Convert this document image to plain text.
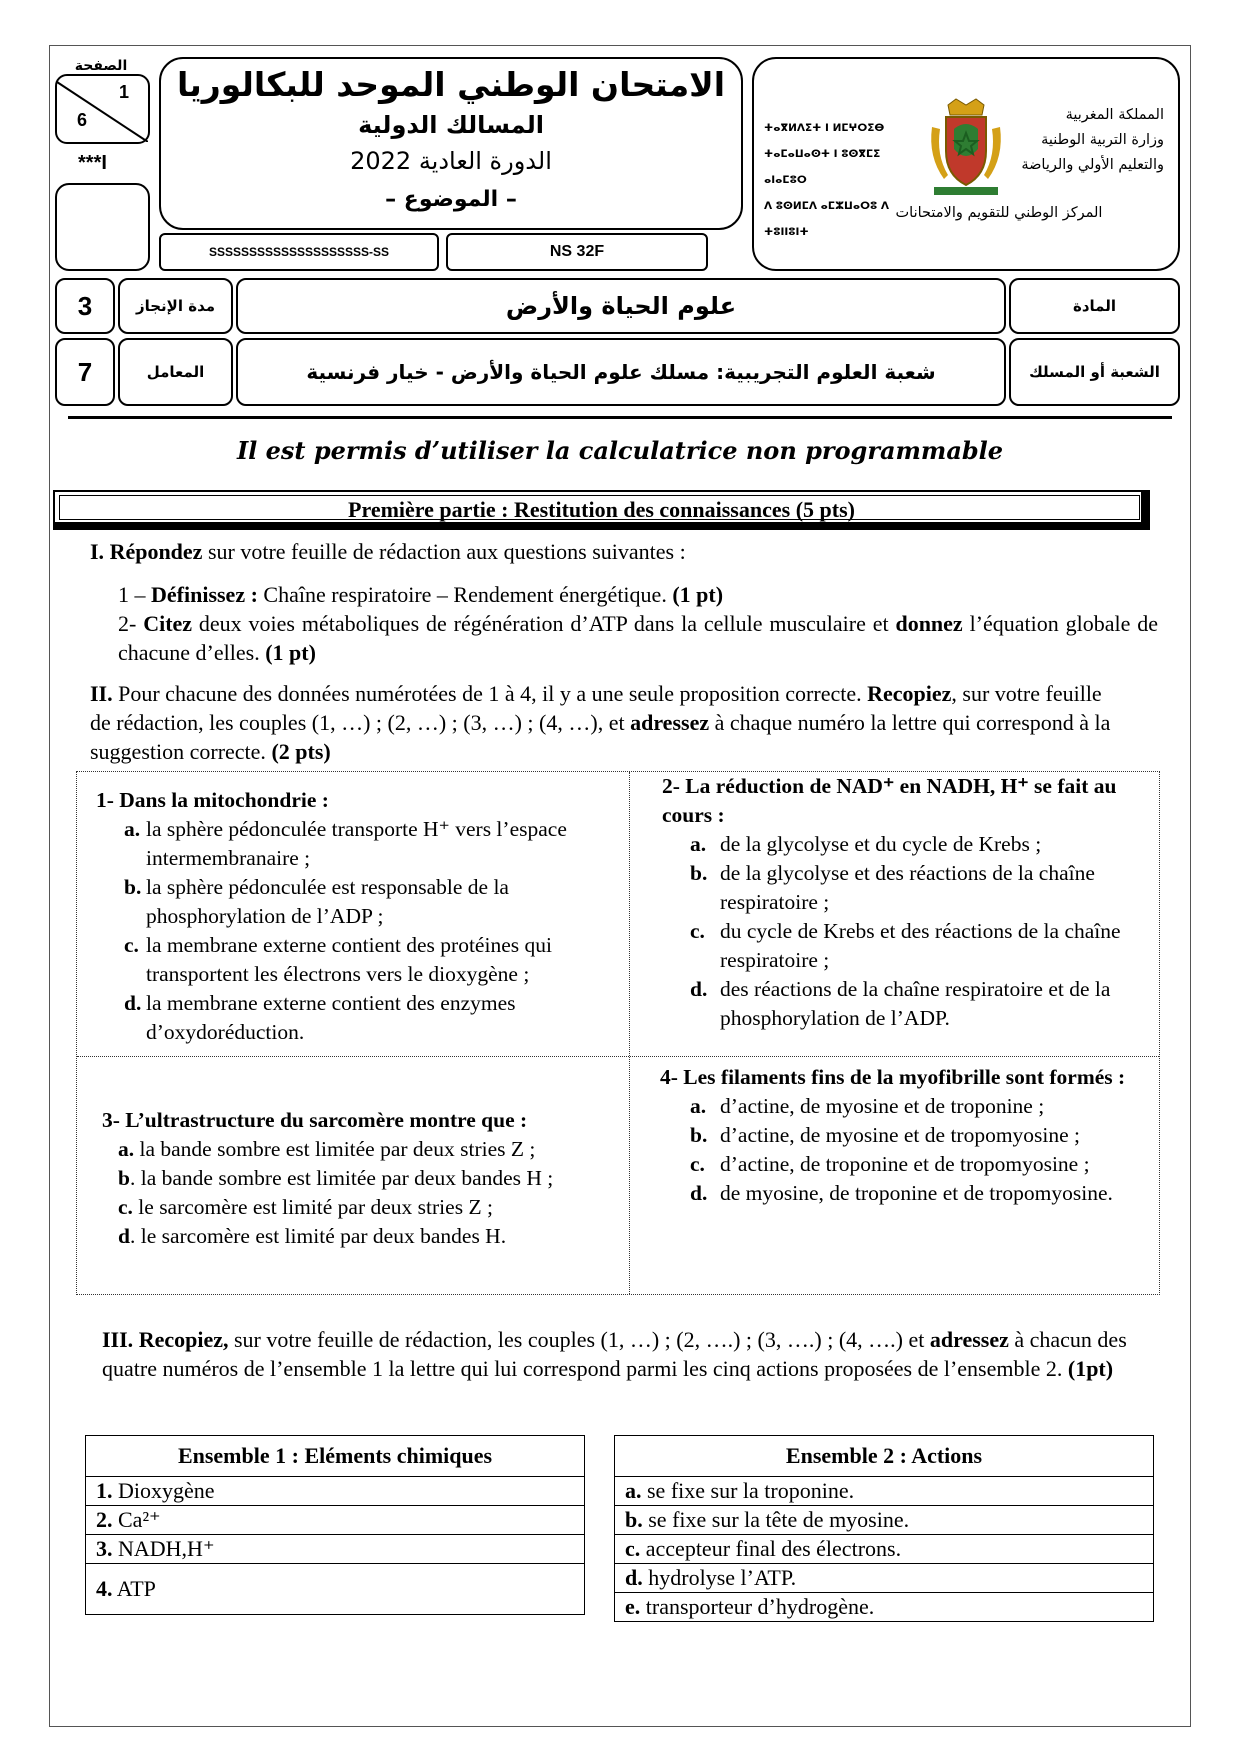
الصفحة
1
6
***I
الامتحان الوطني الموحد للبكالوريا
المسالك الدولية
الدورة العادية 2022
– الموضوع –
SSSSSSSSSSSSSSSSSSSS-SS	NS 32F
ⵜⴰⴳⵍⴷⵉⵜ ⵏ ⵍⵎⵖⵔⵉⴱ
ⵜⴰⵎⴰⵡⴰⵙⵜ ⵏ ⵓⵙⴳⵎⵉ ⴰⵏⴰⵎⵓⵔ
ⴷ ⵓⵙⵍⵎⴷ ⴰⵎⵣⵡⴰⵔⵓ ⴷ ⵜⵓⵏⵏⵓⵏⵜ
المملكة المغربية
وزارة التربية الوطنية
والتعليم الأولي والرياضة
المركز الوطني للتقويم والامتحانات
3	مدة الإنجاز	علوم الحياة والأرض	المادة
7	المعامل	شعبة العلوم التجريبية: مسلك علوم الحياة والأرض - خيار فرنسية	الشعبة أو المسلك
Il est permis d’utiliser la calculatrice non programmable
Première partie : Restitution des connaissances (5 pts)
I. Répondez sur votre feuille de rédaction aux questions suivantes :
1 – Définissez : Chaîne respiratoire – Rendement énergétique. (1 pt)
2- Citez deux voies métaboliques de régénération d’ATP dans la cellule musculaire et donnez l’équation globale de chacune d’elles. (1 pt)
II. Pour chacune des données numérotées de 1 à 4, il y a une seule proposition correcte. Recopiez, sur votre feuille de rédaction, les couples (1, …) ; (2, …) ; (3, …) ; (4, …), et adressez à chaque numéro la lettre qui correspond à la suggestion correcte. (2 pts)
1- Dans la mitochondrie :
a. la sphère pédonculée transporte H⁺ vers l’espace intermembranaire ;
b. la sphère pédonculée est responsable de la phosphorylation de l’ADP ;
c. la membrane externe contient des protéines qui transportent les électrons vers le dioxygène ;
d. la membrane externe contient des enzymes d’oxydoréduction.
2- La réduction de NAD⁺ en NADH, H⁺ se fait au cours :
a. de la glycolyse et du cycle de Krebs ;
b. de la glycolyse et des réactions de la chaîne respiratoire ;
c. du cycle de Krebs et des réactions de la chaîne respiratoire ;
d. des réactions de la chaîne respiratoire et de la phosphorylation de l’ADP.
3- L’ultrastructure du sarcomère montre que :
a. la bande sombre est limitée par deux stries Z ;
b . la bande sombre est limitée par deux bandes H ;
c. le sarcomère est limité par deux stries Z ;
d . le sarcomère est limité par deux bandes H.
4- Les filaments fins de la myofibrille sont formés :
a. d’actine, de myosine et de troponine ;
b. d’actine, de myosine et de tropomyosine ;
c. d’actine, de troponine et de tropomyosine ;
d. de myosine, de troponine et de tropomyosine.
III. Recopiez, sur votre feuille de rédaction, les couples (1, …) ; (2, ….) ; (3, ….) ; (4, ….) et adressez à chacun des quatre numéros de l’ensemble 1 la lettre qui lui correspond parmi les cinq actions proposées de l’ensemble 2. (1pt)
Ensemble 1 : Eléments chimiques
1. Dioxygène
2. Ca²⁺
3. NADH,H⁺
4. ATP
Ensemble 2 : Actions
a. se fixe sur la troponine.
b. se fixe sur la tête de myosine.
c. accepteur final des électrons.
d. hydrolyse l’ATP.
e. transporteur d’hydrogène.
